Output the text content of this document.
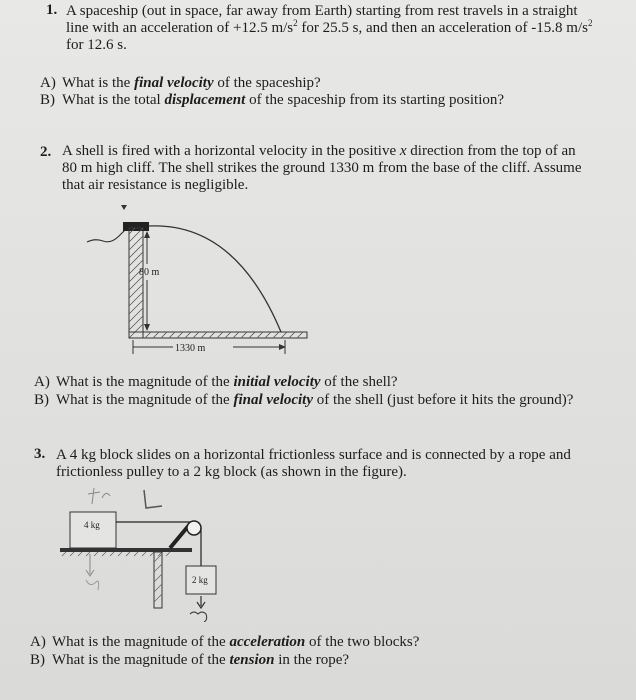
1. A spaceship (out in space, far away from Earth) starting from rest travels in a straight
line with an acceleration of +12.5 $m/s^2$ for 25.5 s, and then an acceleration of -15.8 $m/s^2$
for 12.6 s.
A) What is the final velocity of the spaceship?
B) What is the total displacement of the spaceship from its starting position?
2. A shell is fired with a horizontal velocity in the positive x direction from the top of an
80 m high cliff. The shell strikes the ground 1330 m from the base of the cliff. Assume
that air resistance is negligible.
80 m
1330 m
A) What is the magnitude of the initial velocity of the shell?
B) What is the magnitude of the final velocity of the shell (just before it hits the ground)?
3. A 4 kg block slides on a horizontal frictionless surface and is connected by a rope and
frictionless pulley to a 2 kg block (as shown in the figure).
4 kg
2 kg
A) What is the magnitude of the acceleration of the two blocks?
B) What is the magnitude of the tension in the rope?
